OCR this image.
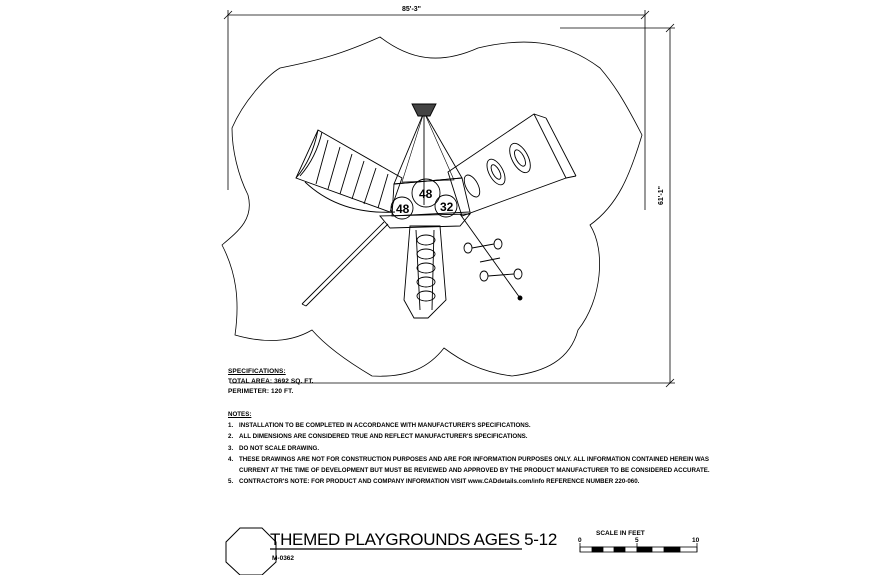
85'-3"
61'-1"
48
48	32
SPECIFICATIONS:
TOTAL AREA: 3692 SQ. FT.
PERIMETER: 120 FT.
NOTES:
1. INSTALLATION TO BE COMPLETED IN ACCORDANCE WITH MANUFACTURER'S SPECIFICATIONS.
2. ALL DIMENSIONS ARE CONSIDERED TRUE AND REFLECT MANUFACTURER'S SPECIFICATIONS.
3. DO NOT SCALE DRAWING.
4. THESE DRAWINGS ARE NOT FOR CONSTRUCTION PURPOSES AND ARE FOR INFORMATION PURPOSES ONLY. ALL INFORMATION CONTAINED HEREIN WAS CURRENT AT THE TIME OF DEVELOPMENT BUT MUST BE REVIEWED AND APPROVED BY THE PRODUCT MANUFACTURER TO BE CONSIDERED ACCURATE.
5. CONTRACTOR'S NOTE: FOR PRODUCT AND COMPANY INFORMATION VISIT www.CADdetails.com/info REFERENCE NUMBER 220-060.
THEMED PLAYGROUNDS AGES 5-12
M-0362
SCALE IN FEET
0	5	10
